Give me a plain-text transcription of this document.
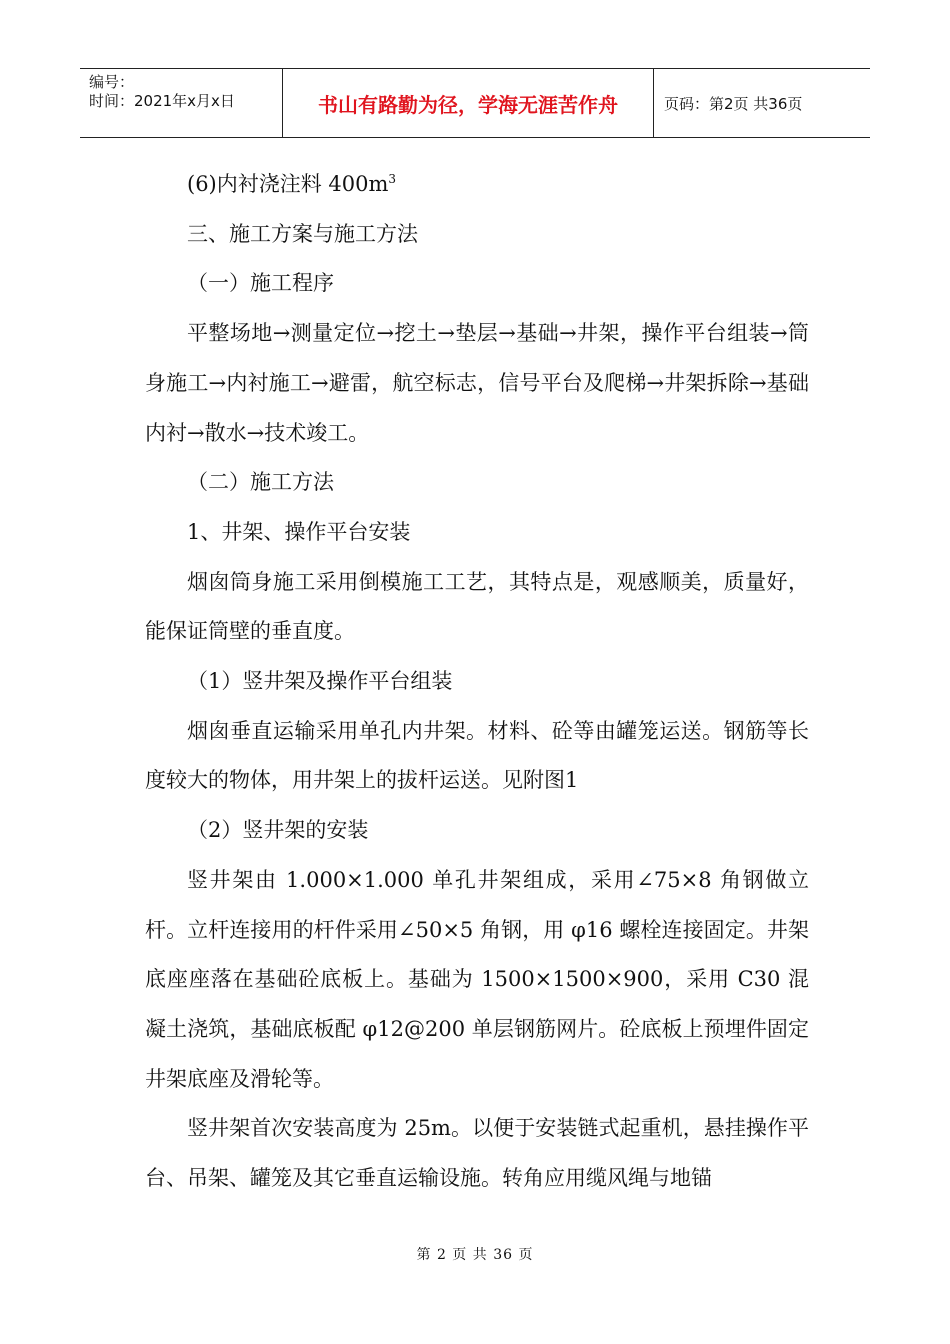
编号：
时间：2021年x月x日	书山有路勤为径，学海无涯苦作舟	页码：第2页 共36页

(6)内衬浇注料 $400m^3$

三、施工方案与施工方法

（一）施工程序

平整场地→测量定位→挖土→垫层→基础→井架，操作平台组装→筒身施工→内衬施工→避雷，航空标志，信号平台及爬梯→井架拆除→基础内衬→散水→技术竣工。

（二）施工方法

1、井架、操作平台安装

烟囱筒身施工采用倒模施工工艺，其特点是，观感顺美，质量好，能保证筒壁的垂直度。

（1）竖井架及操作平台组装

烟囱垂直运输采用单孔内井架。材料、砼等由罐笼运送。钢筋等长度较大的物体，用井架上的拔杆运送。见附图1

（2）竖井架的安装

竖井架由 1.000×1.000 单孔井架组成，采用∠75×8 角钢做立杆。立杆连接用的杆件采用∠50×5 角钢，用 φ16 螺栓连接固定。井架底座座落在基础砼底板上。基础为 1500×1500×900，采用 C30 混凝土浇筑，基础底板配 φ12@200 单层钢筋网片。砼底板上预埋件固定井架底座及滑轮等。

竖井架首次安装高度为 25m。以便于安装链式起重机，悬挂操作平台、吊架、罐笼及其它垂直运输设施。转角应用缆风绳与地锚

第 2 页 共 36 页
